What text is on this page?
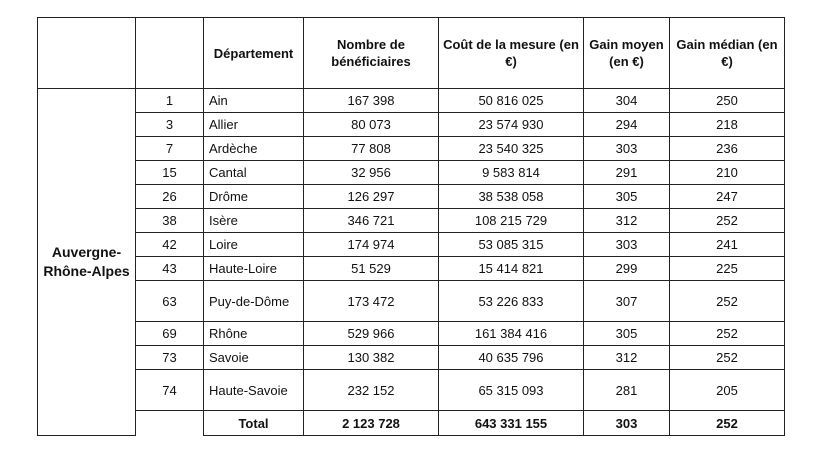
		Département	Nombre de bénéficiaires	Coût de la mesure (en €)	Gain moyen (en €)	Gain médian (en €)
Auvergne-Rhône-Alpes	1	Ain	167 398	50 816 025	304	250
	3	Allier	80 073	23 574 930	294	218
	7	Ardèche	77 808	23 540 325	303	236
	15	Cantal	32 956	9 583 814	291	210
	26	Drôme	126 297	38 538 058	305	247
	38	Isère	346 721	108 215 729	312	252
	42	Loire	174 974	53 085 315	303	241
	43	Haute-Loire	51 529	15 414 821	299	225
	63	Puy-de-Dôme	173 472	53 226 833	307	252
	69	Rhône	529 966	161 384 416	305	252
	73	Savoie	130 382	40 635 796	312	252
	74	Haute-Savoie	232 152	65 315 093	281	205
		Total	2 123 728	643 331 155	303	252
